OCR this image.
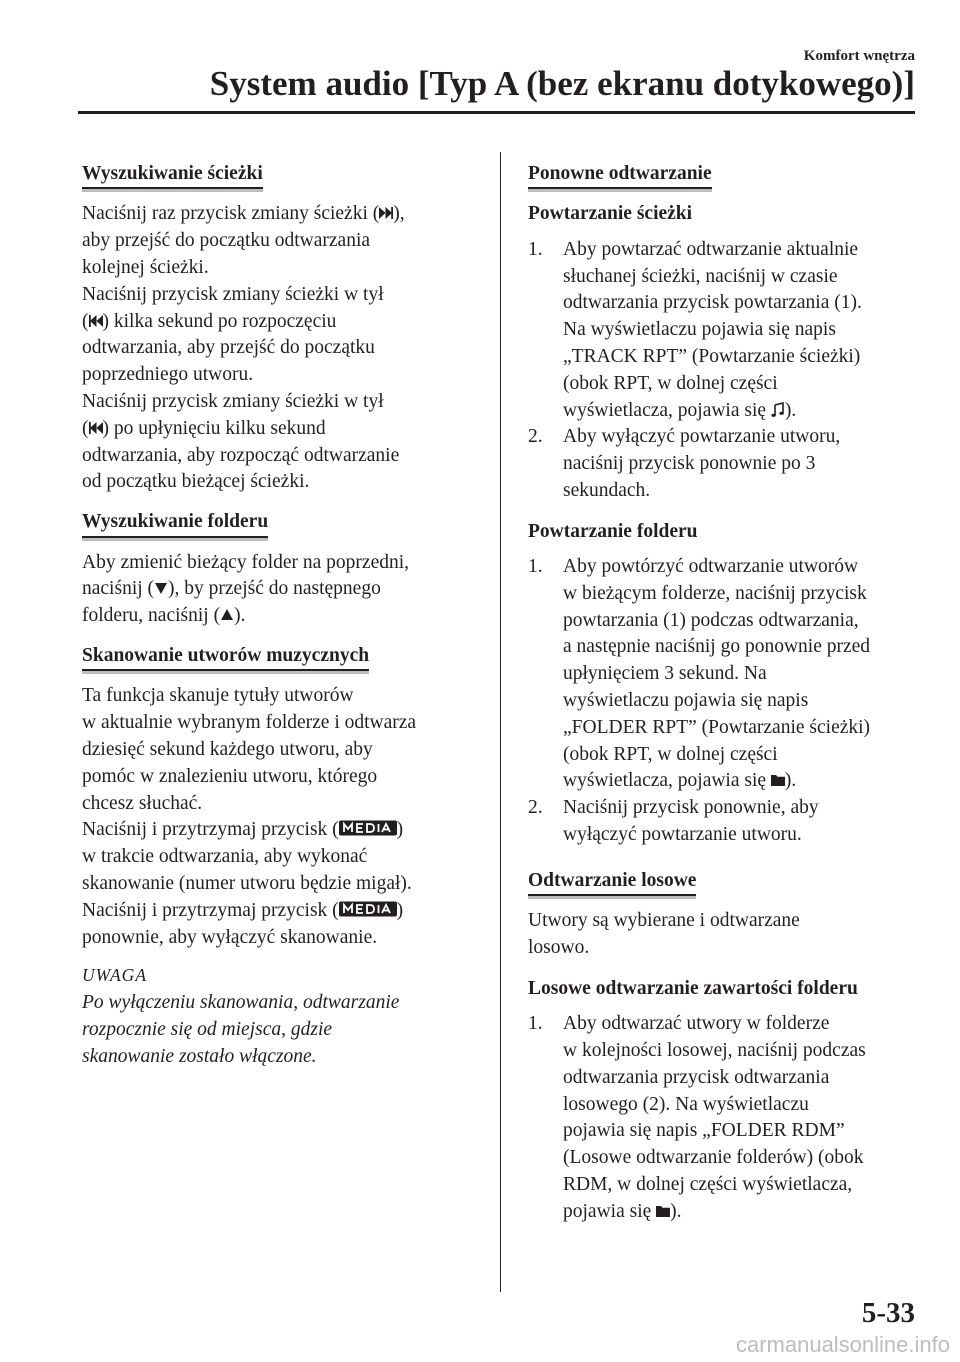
Komfort wnętrza
System audio [Typ A (bez ekranu dotykowego)]
Wyszukiwanie ścieżki
Naciśnij raz przycisk zmiany ścieżki ( ),
aby przejść do początku odtwarzania
kolejnej ścieżki.
Naciśnij przycisk zmiany ścieżki w tył
( ) kilka sekund po rozpoczęciu
odtwarzania, aby przejść do początku
poprzedniego utworu.
Naciśnij przycisk zmiany ścieżki w tył
( ) po upłynięciu kilku sekund
odtwarzania, aby rozpocząć odtwarzanie
od początku bieżącej ścieżki.
Wyszukiwanie folderu
Aby zmienić bieżący folder na poprzedni,
naciśnij ( ), by przejść do następnego
folderu, naciśnij ( ).
Skanowanie utworów muzycznych
Ta funkcja skanuje tytuły utworów
w aktualnie wybranym folderze i odtwarza
dziesięć sekund każdego utworu, aby
pomóc w znalezieniu utworu, którego
chcesz słuchać.
Naciśnij i przytrzymaj przycisk (	)
w trakcie odtwarzania, aby wykonać
skanowanie (numer utworu będzie migał).
Naciśnij i przytrzymaj przycisk (	)
ponownie, aby wyłączyć skanowanie.
UWAGA
Po wyłączeniu skanowania, odtwarzanie
rozpocznie się od miejsca, gdzie
skanowanie zostało włączone.
Ponowne odtwarzanie
Powtarzanie ścieżki
1. Aby powtarzać odtwarzanie aktualnie
słuchanej ścieżki, naciśnij w czasie
odtwarzania przycisk powtarzania (1).
Na wyświetlaczu pojawia się napis
„TRACK RPT” (Powtarzanie ścieżki)
(obok RPT, w dolnej części
wyświetlacza, pojawia się ).
2. Aby wyłączyć powtarzanie utworu,
naciśnij przycisk ponownie po 3
sekundach.
Powtarzanie folderu
1. Aby powtórzyć odtwarzanie utworów
w bieżącym folderze, naciśnij przycisk
powtarzania (1) podczas odtwarzania,
a następnie naciśnij go ponownie przed
upłynięciem 3 sekund. Na
wyświetlaczu pojawia się napis
„FOLDER RPT” (Powtarzanie ścieżki)
(obok RPT, w dolnej części
wyświetlacza, pojawia się ).
2. Naciśnij przycisk ponownie, aby
wyłączyć powtarzanie utworu.
Odtwarzanie losowe
Utwory są wybierane i odtwarzane
losowo.
Losowe odtwarzanie zawartości folderu
1. Aby odtwarzać utwory w folderze
w kolejności losowej, naciśnij podczas
odtwarzania przycisk odtwarzania
losowego (2). Na wyświetlaczu
pojawia się napis „FOLDER RDM”
(Losowe odtwarzanie folderów) (obok
RDM, w dolnej części wyświetlacza,
pojawia się ).
5-33
carmanualsonline.info
